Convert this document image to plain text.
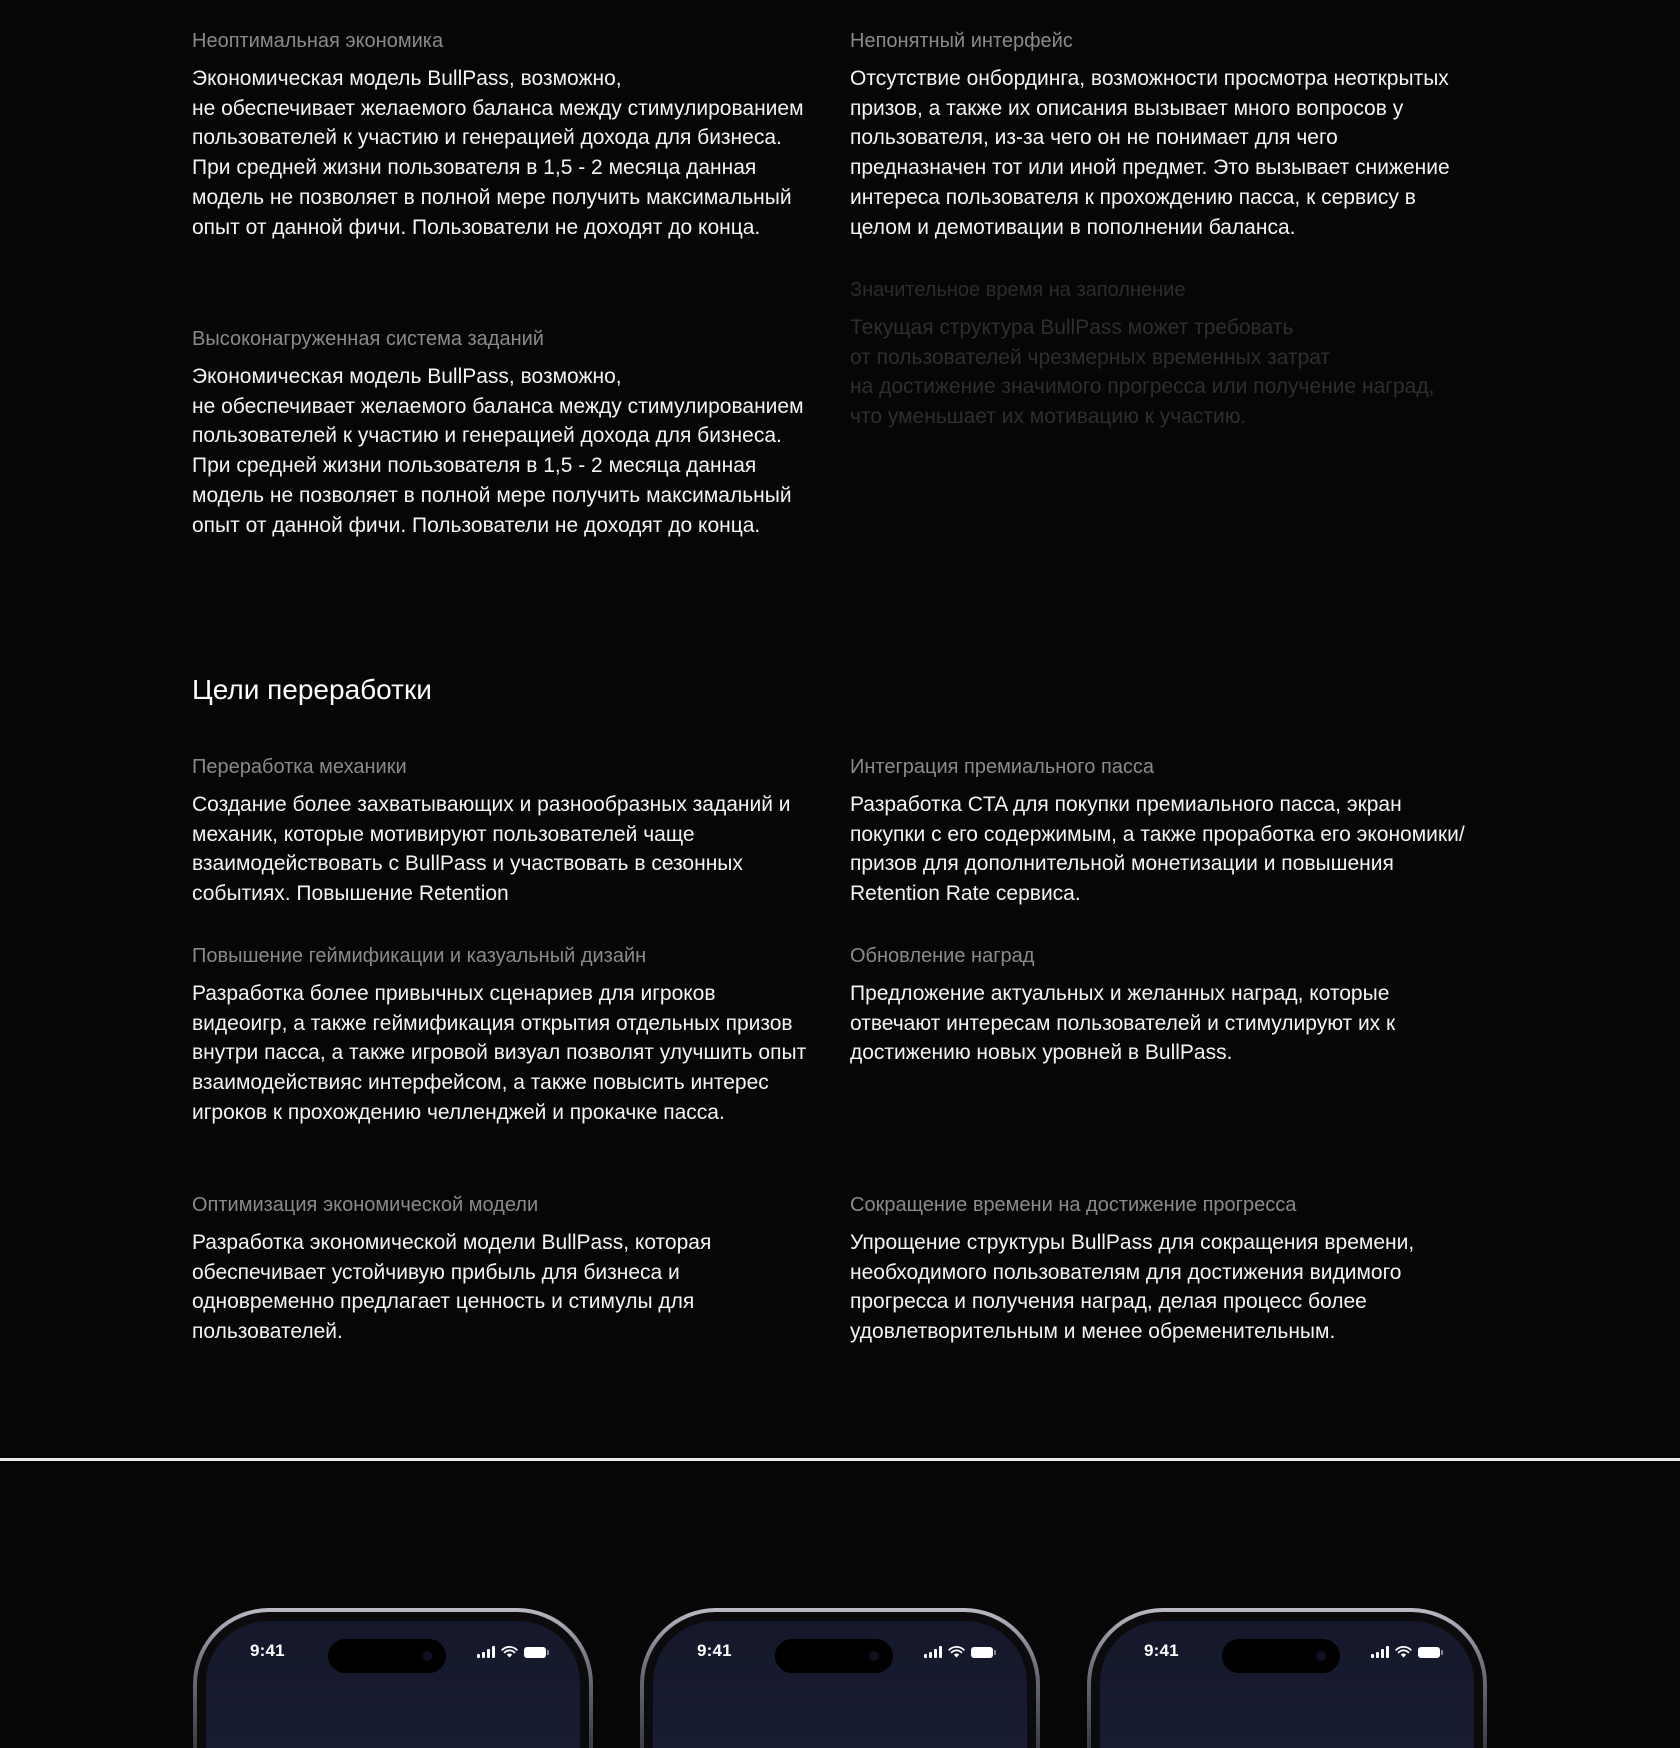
Неоптимальная экономика

Экономическая модель BullPass, возможно,
не обеспечивает желаемого баланса между стимулированием пользователей к участию и генерацией дохода для бизнеса. При средней жизни пользователя в 1,5 - 2 месяца данная модель не позволяет в полной мере получить максимальный опыт от данной фичи. Пользователи не доходят до конца.

Непонятный интерфейс

Отсутствие онбординга, возможности просмотра неоткрытых призов, а также их описания вызывает много вопросов у пользователя, из-за чего он не понимает для чего предназначен тот или иной предмет. Это вызывает снижение интереса пользователя к прохождению пасса, к сервису в целом и демотивации в пополнении баланса.

Высоконагруженная система заданий

Экономическая модель BullPass, возможно,
не обеспечивает желаемого баланса между стимулированием пользователей к участию и генерацией дохода для бизнеса. При средней жизни пользователя в 1,5 - 2 месяца данная модель не позволяет в полной мере получить максимальный опыт от данной фичи. Пользователи не доходят до конца.

Значительное время на заполнение

Текущая структура BullPass может требовать
от пользователей чрезмерных временных затрат
на достижение значимого прогресса или получение наград, что уменьшает их мотивацию к участию.

Цели переработки

Переработка механики

Создание более захватывающих и разнообразных заданий и механик, которые мотивируют пользователей чаще взаимодействовать с BullPass и участвовать в сезонных событиях. Повышение Retention

Интеграция премиального пасса

Разработка CTA для покупки премиального пасса, экран покупки с его содержимым, а также проработка его экономики/призов для дополнительной монетизации и повышения Retention Rate сервиса.

Повышение геймификации и казуальный дизайн

Разработка более привычных сценариев для игроков видеоигр, а также геймификация открытия отдельных призов внутри пасса, а также игровой визуал позволят улучшить опыт взаимодействияс интерфейсом, а также повысить интерес игроков к прохождению челленджей и прокачке пасса.

Обновление наград

Предложение актуальных и желанных наград, которые отвечают интересам пользователей и стимулируют их к достижению новых уровней в BullPass.

Оптимизация экономической модели

Разработка экономической модели BullPass, которая обеспечивает устойчивую прибыль для бизнеса и одновременно предлагает ценность и стимулы для пользователей.

Сокращение времени на достижение прогресса

Упрощение структуры BullPass для сокращения времени, необходимого пользователям для достижения видимого прогресса и получения наград, делая процесс более удовлетворительным и менее обременительным.

9:41	9:41	9:41
